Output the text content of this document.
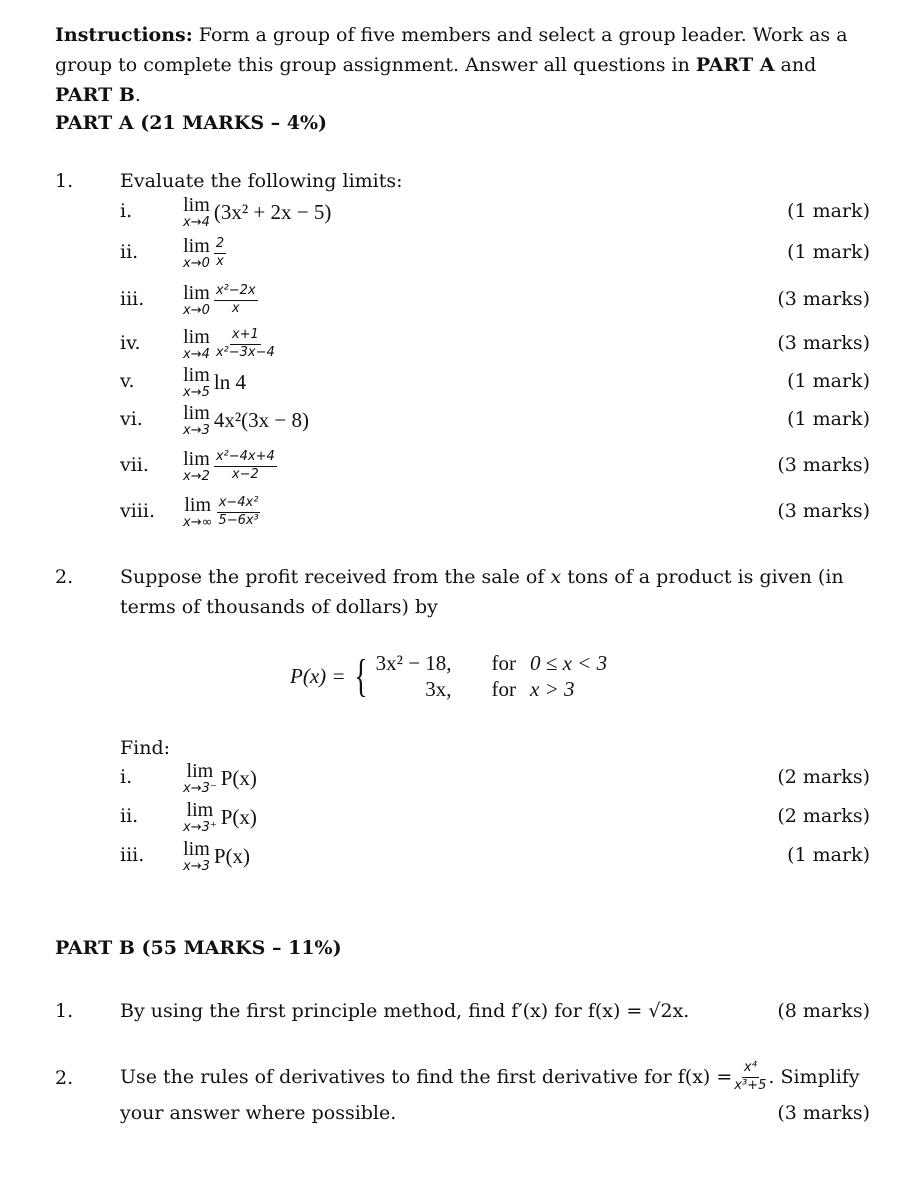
Instructions: Form a group of five members and select a group leader. Work as a group to complete this group assignment. Answer all questions in PART A and PART B.
PART A (21 MARKS – 4%)
1. Evaluate the following limits:
i.	lim
x→4 (3x² + 2x − 5)	(1 mark)
ii. lim
$x\to 0 \frac{2}{x}$	(1 mark)
iii. lim
$x\to 0 \frac{\text{x²−2x}}{x}$	(3 marks)
iv. lim
$x\to 4 \frac{x+1}{\text{x²−3x−4}}$	(3 marks)
v. lim
x→5 ln 4	(1 mark)
vi. lim
x→3 4x²(3x − 8)	(1 mark)
vii. lim
$x\to 2 \frac{\text{x²−4x+4}}{x-2}$	(3 marks)
viii. lim
$x\to\infty \frac{\text{x−4x²}}{\text{5−6x³}}$	(3 marks)
2. Suppose the profit received from the sale of x tons of a product is given (in terms of thousands of dollars) by
P(x) = { 3x² − 18, for 0 ≤ x < 3
3x, for x > 3
Find:
i.	lim
x→3⁻ P(x)	(2 marks)
ii. lim
x→3⁺ P(x)	(2 marks)
iii. lim
x→3 P(x)	(1 mark)
PART B (55 MARKS – 11%)
1. By using the first principle method, find f′(x) for f(x) = √2x.	(8 marks)
2. Use the rules of derivatives to find the first derivative for $f(x) = \frac{\text{x⁴}}{\text{x³+5}}$ . Simplify
your answer where possible.	(3 marks)
